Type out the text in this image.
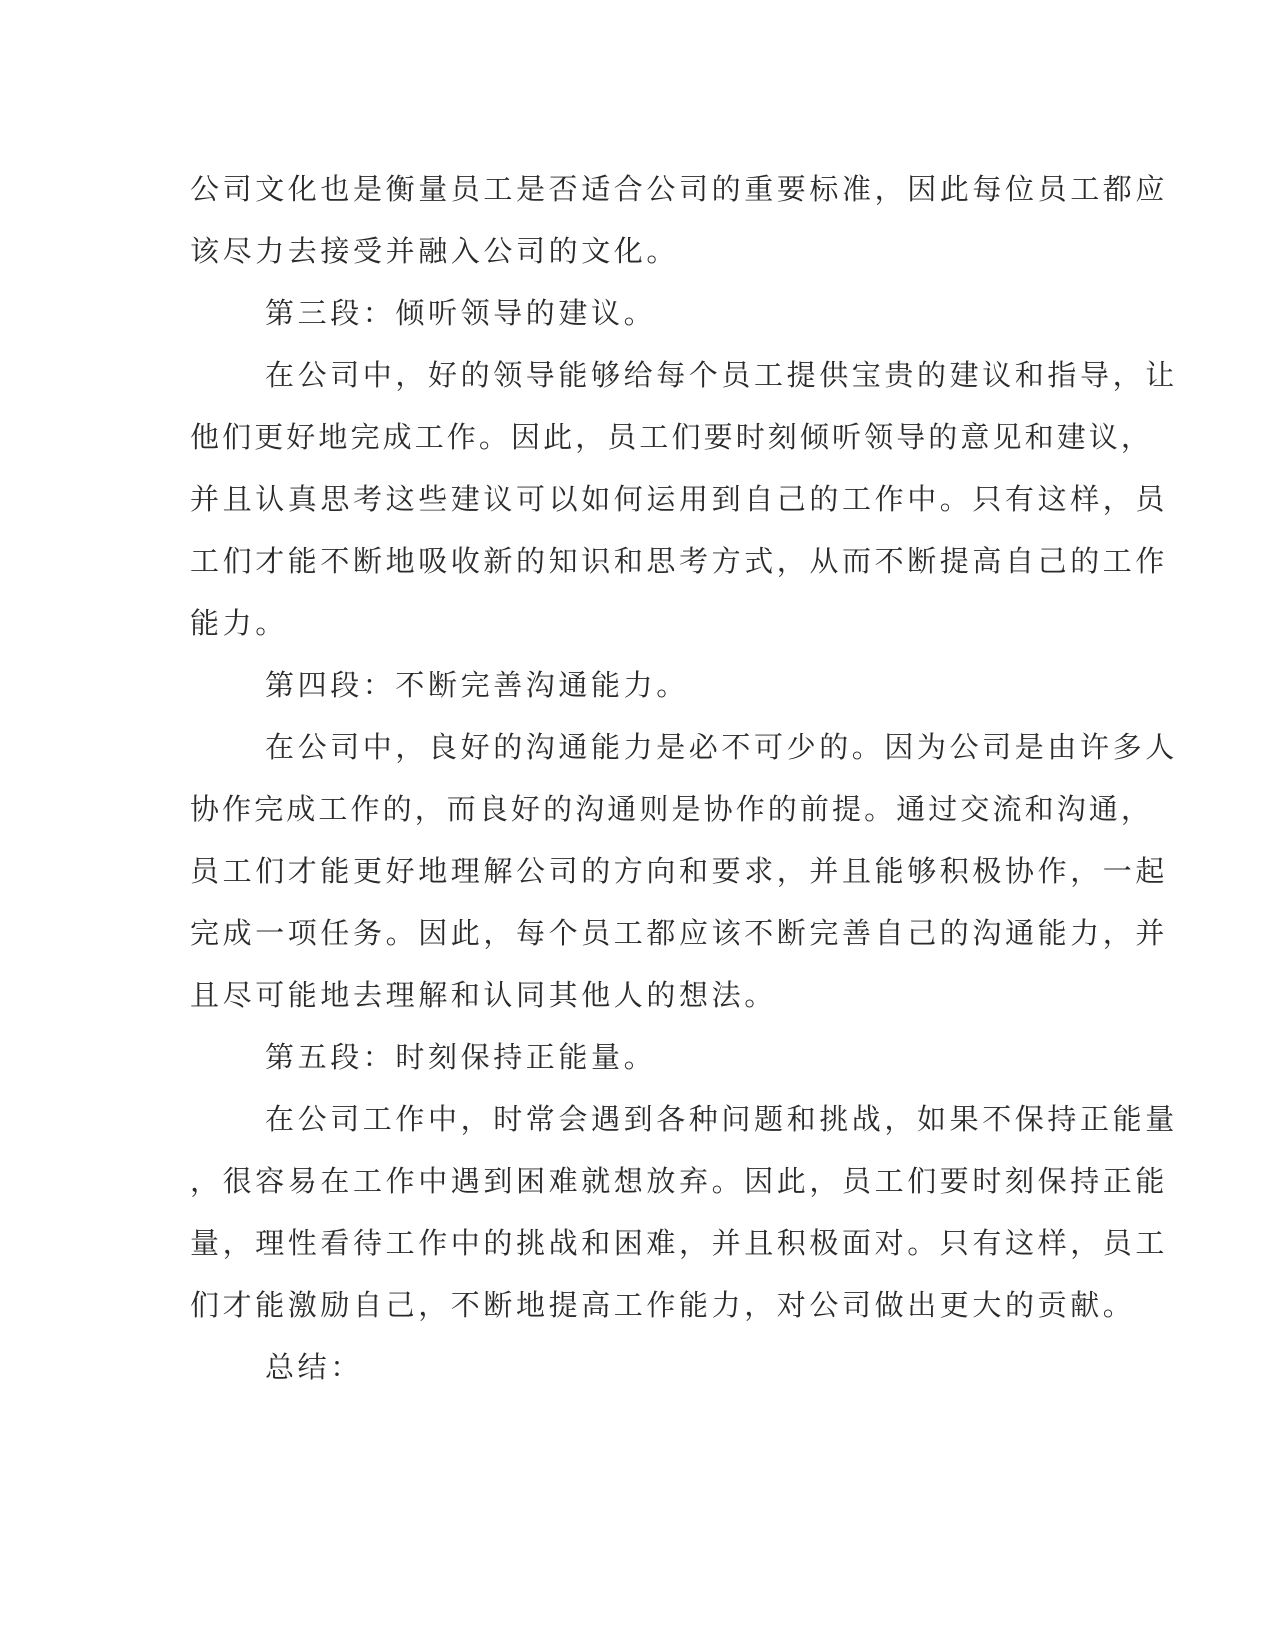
公司文化也是衡量员工是否适合公司的重要标准，因此每位员工都应
该尽力去接受并融入公司的文化。
第三段：倾听领导的建议。
在公司中，好的领导能够给每个员工提供宝贵的建议和指导，让
他们更好地完成工作。因此，员工们要时刻倾听领导的意见和建议，
并且认真思考这些建议可以如何运用到自己的工作中。只有这样，员
工们才能不断地吸收新的知识和思考方式，从而不断提高自己的工作
能力。
第四段：不断完善沟通能力。
在公司中，良好的沟通能力是必不可少的。因为公司是由许多人
协作完成工作的，而良好的沟通则是协作的前提。通过交流和沟通，
员工们才能更好地理解公司的方向和要求，并且能够积极协作，一起
完成一项任务。因此，每个员工都应该不断完善自己的沟通能力，并
且尽可能地去理解和认同其他人的想法。
第五段：时刻保持正能量。
在公司工作中，时常会遇到各种问题和挑战，如果不保持正能量
，很容易在工作中遇到困难就想放弃。因此，员工们要时刻保持正能
量，理性看待工作中的挑战和困难，并且积极面对。只有这样，员工
们才能激励自己，不断地提高工作能力，对公司做出更大的贡献。
总结：
